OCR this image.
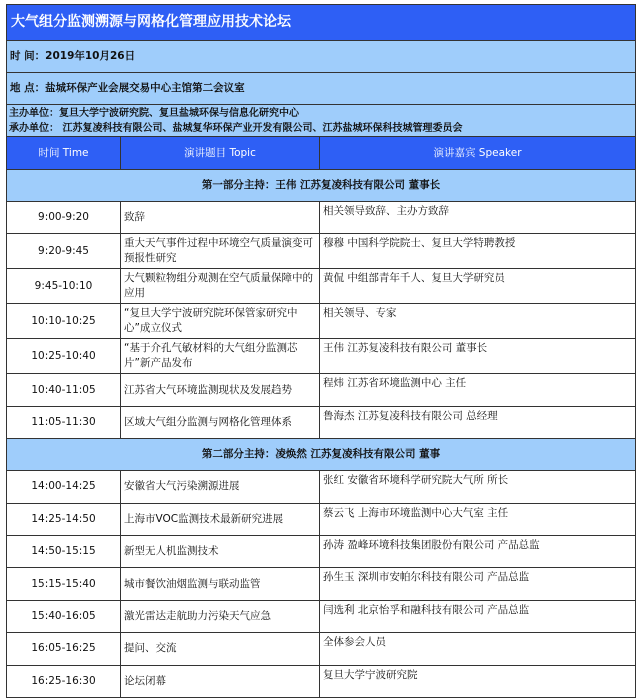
大气组分监测溯源与网格化管理应用技术论坛		
时 间：2019年10月26日		
地 点：盐城环保产业会展交易中心主馆第二会议室		

主办单位：复旦大学宁波研究院、复旦盐城环保与信息化研究中心
承办单位： 江苏复凌科技有限公司、盐城复华环保产业开发有限公司、江苏盐城环保科技城管理委员会		

时间 Time	演讲题目 Topic	演讲嘉宾 Speaker
第一部分主持：王伟 江苏复凌科技有限公司 董事长		
9:00-9:20	致辞	相关领导致辞、主办方致辞
9:20-9:45	重大天气事件过程中环境空气质量演变可预报性研究	穆穆 中国科学院院士、复旦大学特聘教授
9:45-10:10	大气颗粒物组分观测在空气质量保障中的应用	黄侃 中组部青年千人、复旦大学研究员
10:10-10:25	“复旦大学宁波研究院环保管家研究中心”成立仪式	相关领导、专家
10:25-10:40	“基于介孔气敏材料的大气组分监测芯片”新产品发布	王伟 江苏复凌科技有限公司 董事长
10:40-11:05	江苏省大气环境监测现状及发展趋势	程炜 江苏省环境监测中心 主任
11:05-11:30	区域大气组分监测与网格化管理体系	鲁海杰 江苏复凌科技有限公司 总经理
第二部分主持：凌焕然 江苏复凌科技有限公司 董事		
14:00-14:25	安徽省大气污染溯源进展	张红 安徽省环境科学研究院大气所 所长
14:25-14:50	上海市VOC监测技术最新研究进展	蔡云飞 上海市环境监测中心大气室 主任
14:50-15:15	新型无人机监测技术	孙涛 盈峰环境科技集团股份有限公司 产品总监
15:15-15:40	城市餐饮油烟监测与联动监管	孙生玉 深圳市安帕尔科技有限公司 产品总监
15:40-16:05	激光雷达走航助力污染天气应急	闫选利 北京怡孚和融科技有限公司 产品总监
16:05-16:25	提问、交流	全体参会人员
16:25-16:30	论坛闭幕	复旦大学宁波研究院
